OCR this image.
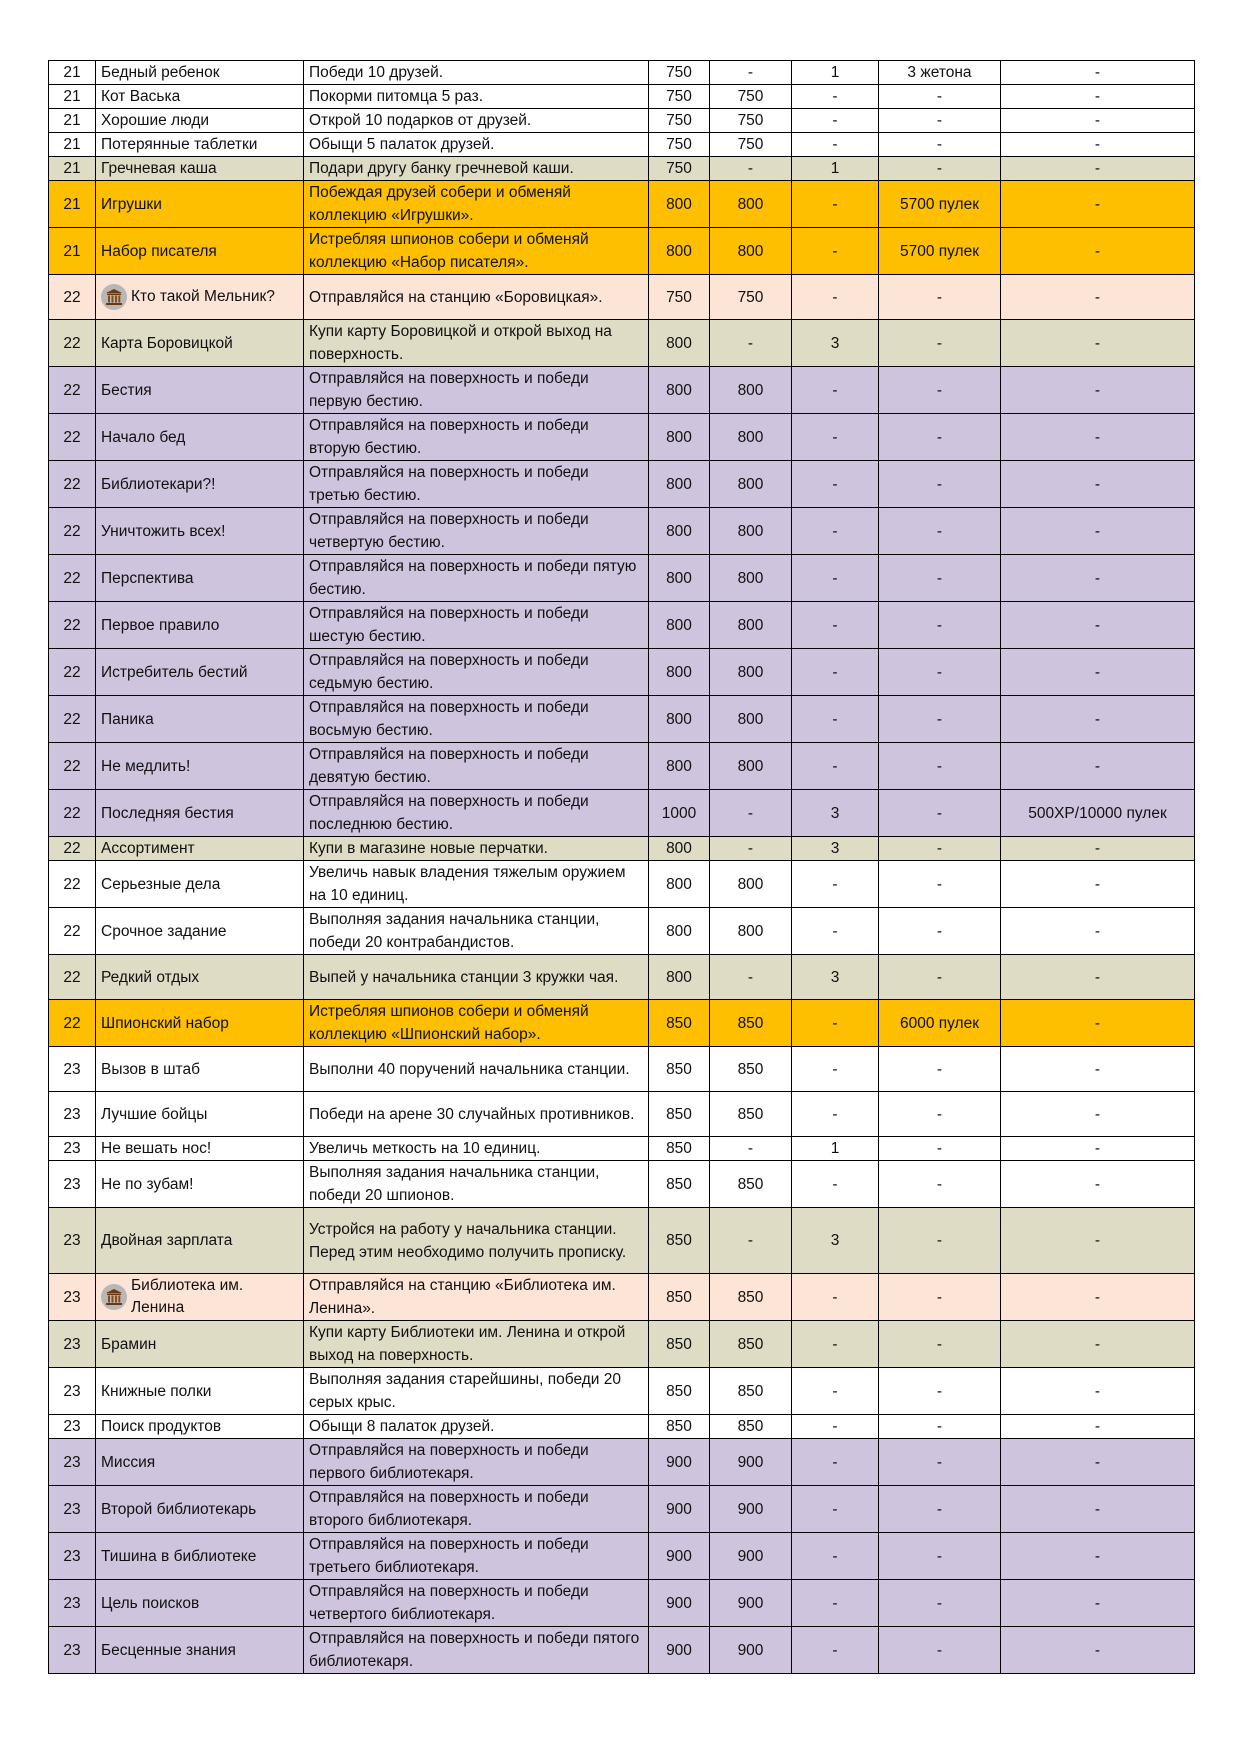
21	Бедный ребенок	Победи 10 друзей.	750	-	1	3 жетона	-
21	Кот Васька	Покорми питомца 5 раз.	750	750	-	-	-
21	Хорошие люди	Открой 10 подарков от друзей.	750	750	-	-	-
21	Потерянные таблетки	Обыщи 5 палаток друзей.	750	750	-	-	-
21	Гречневая каша	Подари другу банку гречневой каши.	750	-	1	-	-
21	Игрушки	Побеждая друзей собери и обменяй коллекцию «Игрушки».	800	800	-	5700 пулек	-
21	Набор писателя	Истребляя шпионов собери и обменяй коллекцию «Набор писателя».	800	800	-	5700 пулек	-
22	Кто такой Мельник?	Отправляйся на станцию «Боровицкая».	750	750	-	-	-
22	Карта Боровицкой	Купи карту Боровицкой и открой выход на поверхность.	800	-	3	-	-
22	Бестия	Отправляйся на поверхность и победи первую бестию.	800	800	-	-	-
22	Начало бед	Отправляйся на поверхность и победи вторую бестию.	800	800	-	-	-
22	Библиотекари?!	Отправляйся на поверхность и победи третью бестию.	800	800	-	-	-
22	Уничтожить всех!	Отправляйся на поверхность и победи четвертую бестию.	800	800	-	-	-
22	Перспектива	Отправляйся на поверхность и победи пятую бестию.	800	800	-	-	-
22	Первое правило	Отправляйся на поверхность и победи шестую бестию.	800	800	-	-	-
22	Истребитель бестий	Отправляйся на поверхность и победи седьмую бестию.	800	800	-	-	-
22	Паника	Отправляйся на поверхность и победи восьмую бестию.	800	800	-	-	-
22	Не медлить!	Отправляйся на поверхность и победи девятую бестию.	800	800	-	-	-
22	Последняя бестия	Отправляйся на поверхность и победи последнюю бестию.	1000	-	3	-	500XP/10000 пулек
22	Ассортимент	Купи в магазине новые перчатки.	800	-	3	-	-
22	Серьезные дела	Увеличь навык владения тяжелым оружием на 10 единиц.	800	800	-	-	-
22	Срочное задание	Выполняя задания начальника станции, победи 20 контрабандистов.	800	800	-	-	-
22	Редкий отдых	Выпей у начальника станции 3 кружки чая.	800	-	3	-	-
22	Шпионский набор	Истребляя шпионов собери и обменяй коллекцию «Шпионский набор».	850	850	-	6000 пулек	-
23	Вызов в штаб	Выполни 40 поручений начальника станции.	850	850	-	-	-
23	Лучшие бойцы	Победи на арене 30 случайных противников.	850	850	-	-	-
23	Не вешать нос!	Увеличь меткость на 10 единиц.	850	-	1	-	-
23	Не по зубам!	Выполняя задания начальника станции, победи 20 шпионов.	850	850	-	-	-
23	Двойная зарплата	Устройся на работу у начальника станции. Перед этим необходимо получить прописку.	850	-	3	-	-
23	Библиотека им. Ленина	Отправляйся на станцию «Библиотека им. Ленина».	850	850	-	-	-
23	Брамин	Купи карту Библиотеки им. Ленина и открой выход на поверхность.	850	850	-	-	-
23	Книжные полки	Выполняя задания старейшины, победи 20 серых крыс.	850	850	-	-	-
23	Поиск продуктов	Обыщи 8 палаток друзей.	850	850	-	-	-
23	Миссия	Отправляйся на поверхность и победи первого библиотекаря.	900	900	-	-	-
23	Второй библиотекарь	Отправляйся на поверхность и победи второго библиотекаря.	900	900	-	-	-
23	Тишина в библиотеке	Отправляйся на поверхность и победи третьего библиотекаря.	900	900	-	-	-
23	Цель поисков	Отправляйся на поверхность и победи четвертого библиотекаря.	900	900	-	-	-
23	Бесценные знания	Отправляйся на поверхность и победи пятого библиотекаря.	900	900	-	-	-
